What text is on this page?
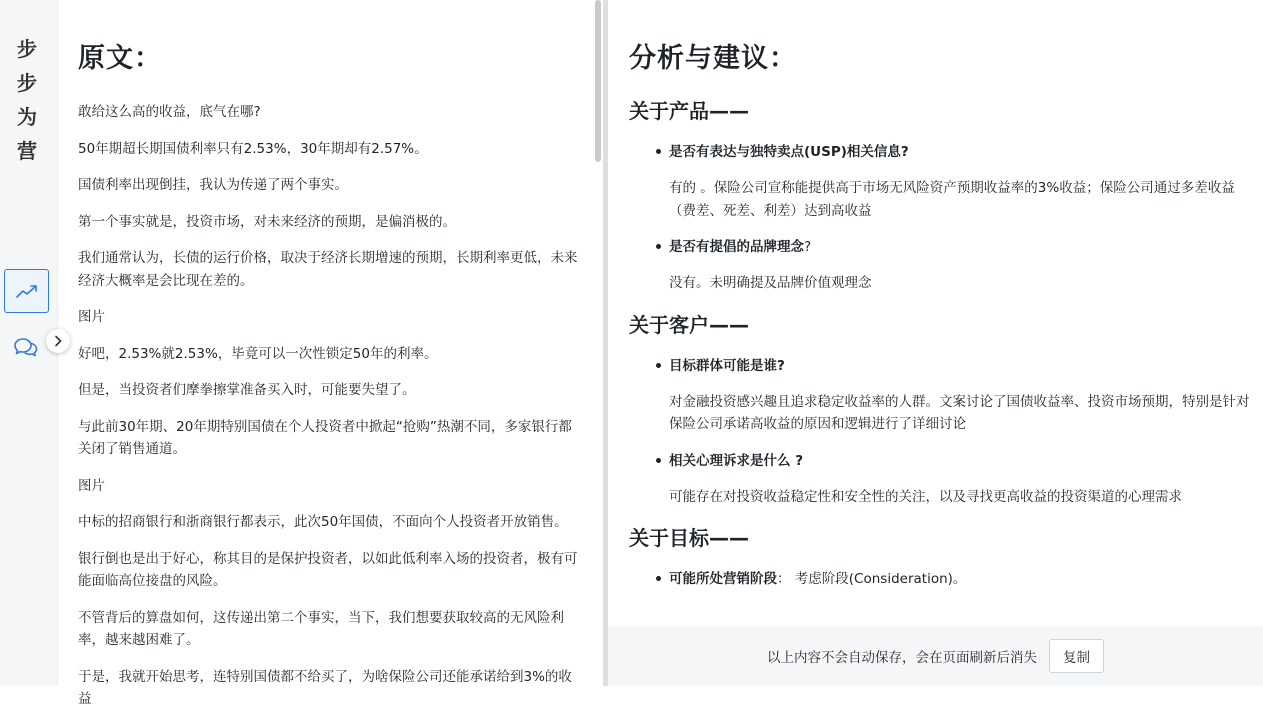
步
步
为
营
原文：

敢给这么高的收益，底气在哪?

50年期超长期国债利率只有2.53%，30年期却有2.57%。

国债利率出现倒挂，我认为传递了两个事实。

第一个事实就是，投资市场，对未来经济的预期，是偏消极的。

我们通常认为，长债的运行价格，取决于经济长期增速的预期，长期利率更低，未来经济大概率是会比现在差的。

图片

好吧，2.53%就2.53%，毕竟可以一次性锁定50年的利率。

但是，当投资者们摩拳擦掌准备买入时，可能要失望了。

与此前30年期、20年期特别国债在个人投资者中掀起“抢购”热潮不同，多家银行都关闭了销售通道。

图片

中标的招商银行和浙商银行都表示，此次50年国债，不面向个人投资者开放销售。

银行倒也是出于好心，称其目的是保护投资者，以如此低利率入场的投资者，极有可能面临高位接盘的风险。

不管背后的算盘如何，这传递出第二个事实，当下，我们想要获取较高的无风险利率，越来越困难了。

于是，我就开始思考，连特别国债都不给买了，为啥保险公司还能承诺给到3%的收益

分析与建议：
关于产品——
是否有表达与独特卖点(USP)相关信息?
有的 。保险公司宣称能提供高于市场无风险资产预期收益率的3%收益；保险公司通过多差收益（费差、死差、利差）达到高收益
是否有提倡的品牌理念?
没有。未明确提及品牌价值观理念
关于客户——
目标群体可能是谁?
对金融投资感兴趣且追求稳定收益率的人群。文案讨论了国债收益率、投资市场预期，特别是针对保险公司承诺高收益的原因和逻辑进行了详细讨论
相关心理诉求是什么 ?
可能存在对投资收益稳定性和安全性的关注，以及寻找更高收益的投资渠道的心理需求
关于目标——
可能所处营销阶段： 考虑阶段(Consideration)。
以上内容不会自动保存，会在页面刷新后消失	复制
